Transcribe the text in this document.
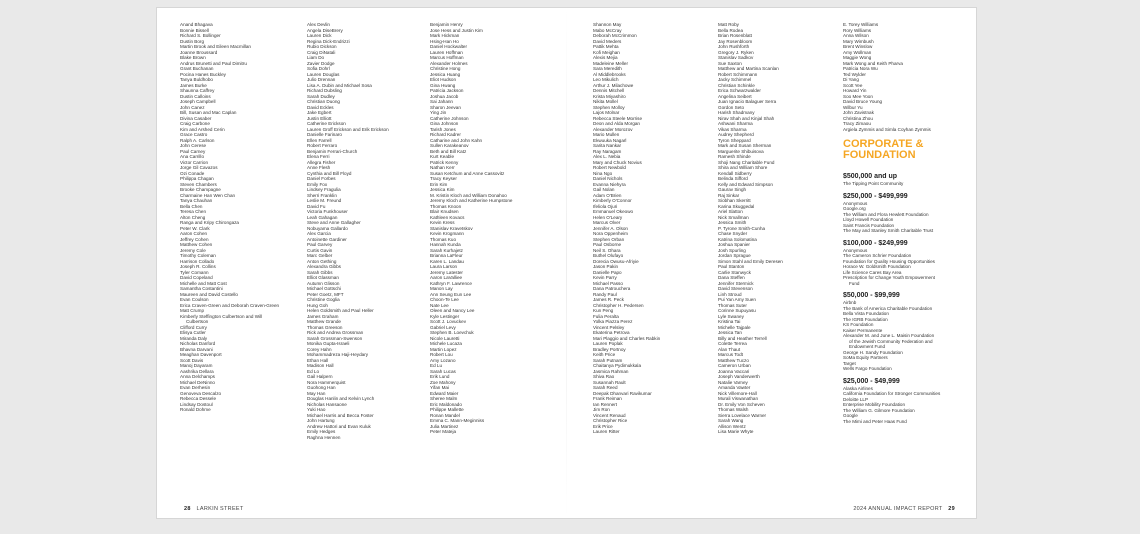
Anand Bhagava
Bonnie Bissell
Richard S. Bollinger
Dustin Borg
Martin Brook and Eileen Macmillan
Joanne Broussard
Blake Brown
Andrus Brunetti and Paul Dimitru
Grant Buchanan
Pocina Hanes Buckley
Tanya Buldhobo
James Burke
Shaunna Caffrey
Dustin Calloins
Joseph Campbell
John Canez
Bill, Susan and Mac Caplan
Divina Casaber
Craig Carbone
Kim and Arshed Cerin
Grace Castro
Ralph A. Carlson
John Cerese
Paul Carney
Ana Carrillo
Victor Carrion
Jorge Gil Cavazos
Ozi Conade
Philippa Chagan
Steven Chambers
Brooke Champagne
Charmaine Han Wen Chan
Tanya Chauhan
Bella Chen
Teresa Chen
Alton Cheng
Ranga and Kripy Chirongaza
Peter W. Clark
Aaron Cohen
Jeffrey Cohen
Matthew Cohen
Jeremy Cole
Timothy Coleman
Harrison Collado
Joseph R. Collins
Tyler Comann
David Copeland
Michelle and Matt Cost
Samantha Costantini
Maureen and David Costello
Evan Coulson
Erica Craven-Green and Deborah Craven-Green
Matt Crump
Kimberly Steffington Culbertson and Will
Culbertson
Clifford Curry
Elisya Cutler
Miranda Daly
Nicholas Danford
Bhavna Darvani
Meaghan Davenport
Scott Davis
Manoj Dayaram
Aashrika Dellara
Anna Delchamps
Michael DeNinno
Evan Derhesin
Genoveva Descalzo
Rebecca Dessele
Lindsay Dostoul
Ronald Dohme
Alex Devlin
Angela DiseBrery
Lauren Dick
Regina Dick-Endrizzi
Rubio Dickson
Craig DiNatali
Liam Do
Zavier Dodge
Sofia Dohrl
Lauren Douglas
Julio Drennan
Lisa A. Dubin and Michael Sosa
Richard Dubsling
Sarah Dudley
Christian Duong
David Eckles
Jake Egbert
Justin Elliott
Catherine Erickson
Lauren Groff Erickson and Erik Erickson
Danielle Farinaro
Ellen Farrell
Robert Ferraro
Benjamin Ferrari-Church
Elena Ferri
Allegra Fisher
Anne Flesh
Cynthia and Bill Floyd
Daniel Forbes
Emily Fox
Lindsey Fragulia
Sherri Franklin
Leslie M. Freund
David Fu
Victoria Funkhouser
Leah Gahagan
Steve and Anne Gallagher
Nobuyama Gallardo
Alex Garcia
Antoinette Gardiner
Paul Garvey
Curtis Gavin
Marc Gelber
Anton Gething
Alexandra Gibbs
Sarah Gibbs
Elliot Glassman
Autumn Glisson
Michael Gottschi
Peter Goetz, MFT
Christine Goglia
Hung Goh
Helen Goldsmith and Paul Heller
James Graham
Matthew Grande
Thomas Greeson
Rick and Andrea Grossman
Sarah Grossman-Swenson
Monika Gupta-Israeli
Corey Hahn
Mohammadreza Haji-Heydary
Ethan Hall
Madison Hall
Ed Lo
Gail Halpern
Nora Hammerquist
Guohong Han
May Han
Douglas Hanlin and Kelvin Lynch
Nicholas Hansaone
Yuki Hao
Michael Harris and Becca Foster
John Hartung
Andrew Hattori and Evan Kuluk
Emily Hedges
Raghna Hennen
Benjamin Henry
Jose Hess and Justin Kim
Mark Hickman
Hsing-Han Ho
Daniel Hockwalter
Lauren Hoffman
Marcus Hoffman
Alexander Holmes
Christine Hong
Jessica Huang
Eliot Hudson
Gina Hwang
Patricia Jackson
Joshua Jacob
Sai Jahann
Sharon Jeevan
Ying Jin
Catherine Johnson
Gina Johnson
Tarish Jones
Richard Kadrer
Catharine and John Kahn
Sullen Karakeanov
Beth and Bill Katz
Kurt Keable
Patrick Kenny
Nathan Kerr
Susan Ketchum and Anne Cassovitz
Tracy Keyser
Erin Kim
Jessica Kim
M. Kristin Kloch and William Donahoo
Jeremy Kloch and Katherine Humpstone
Thomas Knoon
Blair Knudsen
Kathleen Kovacs
Kevin Kress
Stanislav Kravetskov
Kevin Krogmann
Thomas Kuo
Hannah Kunda
Sarah Kurhajetz
Brianna LaFleur
Karen L. Landau
Laura Larson
Jeremy Latester
Aaron LaValliee
Kathryn F. Lawrence
Manon Lay
Ann Seung Eun Lee
Choon-Te Lee
Nate Lee
Oleen and Nancy Lee
Kyle Lestinger
Scott J. Lovuckev
Gabriel Levy
Stephen B. Loevchuk
Nicole Lauretti
Michele Lucaza
Martin Lopez
Robert Lou
Amy Lozano
Ed Lu
Sarah Lucas
Erik Lund
Zoe Mahony
Yifan Mai
Edward Maier
Sheree Malm
Eric Maldonado
Philippe Mallette
Ronan Mandel
Emma C. Mann-Meginniss
Julia Martinez
Peter Mateja
Shannon May
Mabo McCray
Deborah McCrimmon
David Meders
Pattik Mehta
Kofi Meighan
Alexis Mejia
Madeleine Meller
Sara Meredith
Al Middlebrooks
Leo Mikulich
Arthur J. Milachowe
Dennis Mitchell
Krista Miyashiro
Nikita Mollel
Stephen Molloy
Lajos Molnar
Rebecca Steele Morrise
Deon and Alda Morgan
Alexander Morozov
Mario Mullen
Ekwuuka Nagarl
Sarita Nankar
Ray Naragam
Alex L. Nebia
Mary and Chuck Novius
Robert Newbold
Nina Ngo
Daniel Nichols
Evanna Niehyra
Gail Nolan
Adam O'Brien
Kimberly O'Connor
Ifeliola Ojuri
Emmanuel Okeowo
Helen O'Leary
Marcus Olver
Jennifer A. Olson
Nora Oppenheim
Stephen Orban
Paul Osborne
Neil S. Ohara
Buthel Olufayo
Dorecia Owusu-Afriyie
Jason Pakin
Danielle Papo
Kevin Parry
Michael Passo
Dana Patrouchera
Randy Paul
James R. Peck
Christopher H. Pedersen
Kun Peng
Fulia Peralta
Yolka Piazza Perez
Vincent Pelsley
Ekaterina Petrova
Mari Plaggio and Charles Rabkin
Lauren Poplak
Bradley Portnoy
Keith Price
Sarah Putnam
Chaitanya Pydimukkala
Jasmica Rahman
Shiva Rao
Susannah Rault
Sarah Reed
Deepak Dhanvari Ravikumar
Frank Reiman
Ian Rennert
Jim Ron
Vincent Renaud
Christopher Rice
Erik Price
Lauren Ritter
Matt Roby
Bella Rodea
Brian Rosenblatt
Jay Rosenbloom
John Rushforth
Gregory J. Ryken
Stanislav Sadkov
Sue Saxton
Matthew and Martina Scanlan
Robert Schimmann
Jacky Schimmel
Christian Schinkle
Erica Schwarzwalder
Angelina Seibert
Juan Ignacio Balaguer Serra
Gordon Seto
Harish Shadmany
Nirav Shah and Kinjal Shah
Ashwani Sharma
Vikas Sharma
Audrey Shepherd
Tyron Sheppard
Mark and Susan Sherman
Marguerite Shibuisova
Ramesh Shinde
Shoji Nang Charitable Fund
Shira and William Shore
Kendall Sidberry
Belinda Sifford
Kelly and Edward Simpson
Gaurav Singh
Raj Sinkar
Siobhan Skerritt
Karina Skuggedal
Ariel Slatton
Nick Smallman
Jessica Smith
P. Tyrone Smith-Cunha
Chase Snyder
Katrina Solomatina
Joshua Spanier
Josh Spurling
Jordan Sprague
Simon Stahl and Emily Deresen
Paul Stanton
Carlie Stanwyck
Dana Steffen
Jennifer Stermick
David Stevenson
Linh Stroud
Pui Yan Amy Suen
Thomas Suter
Corinne Supuyasu
Lyle Swaney
Kristina Tai
Michelle Tajpale
Jessica Tan
Billy and Heather Terrell
Colette Terrea
Alan Thaut
Marcus Todt
Matthew Tuczo
Cameron Urban
Joanna Vaccari
Joseph Vanderwerth
Natalie Varney
Amanda Vawter
Nick Villemore-Hall
Murali Viswanathan
Dr. Emily Von Scheven
Thomas Walsh
Sierra Lovelace Warner
Sarah Wang
Allison Wentz
Lisa Marie Whyte
E. Torey Williams
Rory Williams
Anna Wilson
Mary Wimbush
Brent Winslow
Amy Wollman
Maggie Wong
Mark Wong and Keith Pharva
Patricia Nora Wu
Ted Wylder
Di Yang
Scott Yee
Howard Yin
Soo Mee Yoon
David Bruce Young
Wilbur Yu
John Zavistnak
Christina Zhou
Tracy Zimaou
Argiela Zymmis and Simla Coyhan Zymmis
CORPORATE &
FOUNDATION
$500,000 and up
The Tipping Point Community
$250,000 - $499,999
Anonymous
Google.org
The William and Flora Hewlett Foundation
Lloyd Howell Foundation
Saint Francis Foundation
The May and Stanley Smith Charitable Trust
$100,000 - $249,999
Anonymous
The Cameron Schrier Foundation
Foundation for Quality Housing Opportunities
Horace W. Goldsmith Foundation
Life Science Cares Bay Area
Prescription for Change Youth Empowerment
Fund
$50,000 - $99,999
Airbnb
The Bank of America Charitable Foundation
Bella Vista Foundation
The IGRB Foundation
KS Foundation
Kaiser Permanente
Alexander M. and June L. Maisin Foundation
of the Jewish Community Federation and
Endowment Fund
George H. Sandy Foundation
SoMa Equity Partners
Target
Wells Fargo Foundation
$25,000 - $49,999
Alaska Airlines
California Foundation for Stronger Communities
Deloitte LLP
Enterprise Mobility Foundation
The William G. Gilmore Foundation
Google
The Mimi and Peter Haas Fund
28 LARKIN STREET	2024 ANNUAL IMPACT REPORT 29
